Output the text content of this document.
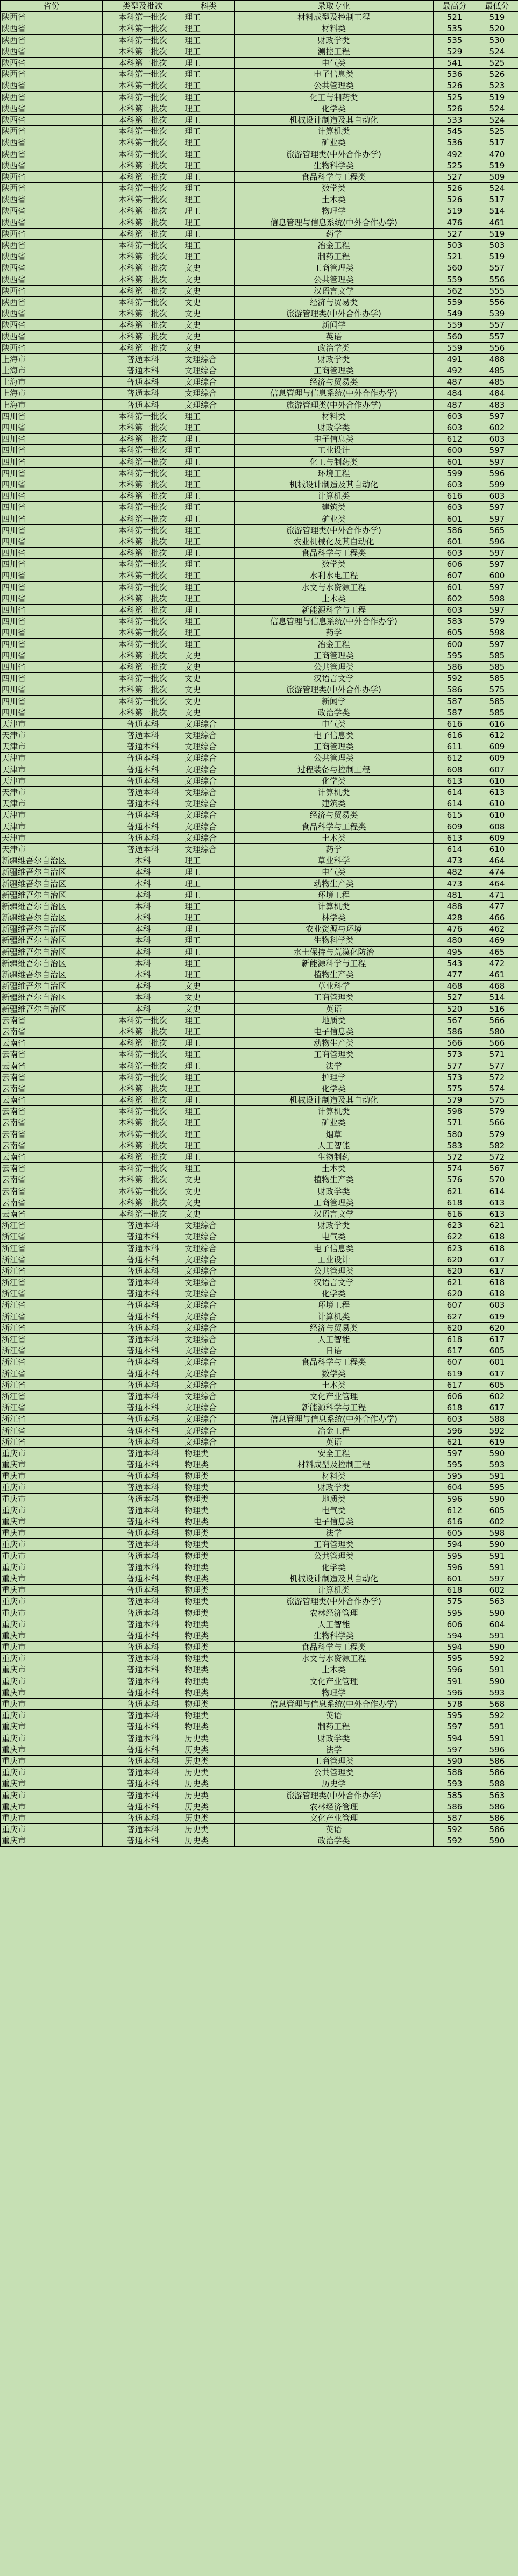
省份	类型及批次	科类	录取专业	最高分	最低分
陕西省	本科第一批次	理工	材料成型及控制工程	521	519
陕西省	本科第一批次	理工	材料类	535	520
陕西省	本科第一批次	理工	财政学类	535	530
陕西省	本科第一批次	理工	测控工程	529	524
陕西省	本科第一批次	理工	电气类	541	525
陕西省	本科第一批次	理工	电子信息类	536	526
陕西省	本科第一批次	理工	公共管理类	526	523
陕西省	本科第一批次	理工	化工与制药类	525	519
陕西省	本科第一批次	理工	化学类	526	524
陕西省	本科第一批次	理工	机械设计制造及其自动化	533	524
陕西省	本科第一批次	理工	计算机类	545	525
陕西省	本科第一批次	理工	矿业类	536	517
陕西省	本科第一批次	理工	旅游管理类(中外合作办学)	492	470
陕西省	本科第一批次	理工	生物科学类	525	519
陕西省	本科第一批次	理工	食品科学与工程类	527	509
陕西省	本科第一批次	理工	数学类	526	524
陕西省	本科第一批次	理工	土木类	526	517
陕西省	本科第一批次	理工	物理学	519	514
陕西省	本科第一批次	理工	信息管理与信息系统(中外合作办学)	476	461
陕西省	本科第一批次	理工	药学	527	519
陕西省	本科第一批次	理工	冶金工程	503	503
陕西省	本科第一批次	理工	制药工程	521	519
陕西省	本科第一批次	文史	工商管理类	560	557
陕西省	本科第一批次	文史	公共管理类	559	556
陕西省	本科第一批次	文史	汉语言文学	562	555
陕西省	本科第一批次	文史	经济与贸易类	559	556
陕西省	本科第一批次	文史	旅游管理类(中外合作办学)	549	539
陕西省	本科第一批次	文史	新闻学	559	557
陕西省	本科第一批次	文史	英语	560	557
陕西省	本科第一批次	文史	政治学类	559	556
上海市	普通本科	文理综合	财政学类	491	488
上海市	普通本科	文理综合	工商管理类	492	485
上海市	普通本科	文理综合	经济与贸易类	487	485
上海市	普通本科	文理综合	信息管理与信息系统(中外合作办学)	484	484
上海市	普通本科	文理综合	旅游管理类(中外合作办学)	487	483
四川省	本科第一批次	理工	材料类	603	597
四川省	本科第一批次	理工	财政学类	603	602
四川省	本科第一批次	理工	电子信息类	612	603
四川省	本科第一批次	理工	工业设计	600	597
四川省	本科第一批次	理工	化工与制药类	601	597
四川省	本科第一批次	理工	环境工程	599	596
四川省	本科第一批次	理工	机械设计制造及其自动化	603	599
四川省	本科第一批次	理工	计算机类	616	603
四川省	本科第一批次	理工	建筑类	603	597
四川省	本科第一批次	理工	矿业类	601	597
四川省	本科第一批次	理工	旅游管理类(中外合作办学)	586	565
四川省	本科第一批次	理工	农业机械化及其自动化	601	596
四川省	本科第一批次	理工	食品科学与工程类	603	597
四川省	本科第一批次	理工	数学类	606	597
四川省	本科第一批次	理工	水利水电工程	607	600
四川省	本科第一批次	理工	水文与水资源工程	601	597
四川省	本科第一批次	理工	土木类	602	598
四川省	本科第一批次	理工	新能源科学与工程	603	597
四川省	本科第一批次	理工	信息管理与信息系统(中外合作办学)	583	579
四川省	本科第一批次	理工	药学	605	598
四川省	本科第一批次	理工	冶金工程	600	597
四川省	本科第一批次	文史	工商管理类	595	585
四川省	本科第一批次	文史	公共管理类	586	585
四川省	本科第一批次	文史	汉语言文学	592	585
四川省	本科第一批次	文史	旅游管理类(中外合作办学)	586	575
四川省	本科第一批次	文史	新闻学	587	585
四川省	本科第一批次	文史	政治学类	587	585
天津市	普通本科	文理综合	电气类	616	616
天津市	普通本科	文理综合	电子信息类	616	612
天津市	普通本科	文理综合	工商管理类	611	609
天津市	普通本科	文理综合	公共管理类	612	609
天津市	普通本科	文理综合	过程装备与控制工程	608	607
天津市	普通本科	文理综合	化学类	613	610
天津市	普通本科	文理综合	计算机类	614	613
天津市	普通本科	文理综合	建筑类	614	610
天津市	普通本科	文理综合	经济与贸易类	615	610
天津市	普通本科	文理综合	食品科学与工程类	609	608
天津市	普通本科	文理综合	土木类	613	609
天津市	普通本科	文理综合	药学	614	610
新疆维吾尔自治区	本科	理工	草业科学	473	464
新疆维吾尔自治区	本科	理工	电气类	482	474
新疆维吾尔自治区	本科	理工	动物生产类	473	464
新疆维吾尔自治区	本科	理工	环境工程	481	471
新疆维吾尔自治区	本科	理工	计算机类	488	477
新疆维吾尔自治区	本科	理工	林学类	428	466
新疆维吾尔自治区	本科	理工	农业资源与环境	476	462
新疆维吾尔自治区	本科	理工	生物科学类	480	469
新疆维吾尔自治区	本科	理工	水土保持与荒漠化防治	495	465
新疆维吾尔自治区	本科	理工	新能源科学与工程	543	472
新疆维吾尔自治区	本科	理工	植物生产类	477	461
新疆维吾尔自治区	本科	文史	草业科学	468	468
新疆维吾尔自治区	本科	文史	工商管理类	527	514
新疆维吾尔自治区	本科	文史	英语	520	516
云南省	本科第一批次	理工	地质类	567	566
云南省	本科第一批次	理工	电子信息类	586	580
云南省	本科第一批次	理工	动物生产类	566	566
云南省	本科第一批次	理工	工商管理类	573	571
云南省	本科第一批次	理工	法学	577	577
云南省	本科第一批次	理工	护理学	573	572
云南省	本科第一批次	理工	化学类	575	574
云南省	本科第一批次	理工	机械设计制造及其自动化	579	575
云南省	本科第一批次	理工	计算机类	598	579
云南省	本科第一批次	理工	矿业类	571	566
云南省	本科第一批次	理工	烟草	580	579
云南省	本科第一批次	理工	人工智能	583	582
云南省	本科第一批次	理工	生物制药	572	572
云南省	本科第一批次	理工	土木类	574	567
云南省	本科第一批次	文史	植物生产类	576	570
云南省	本科第一批次	文史	财政学类	621	614
云南省	本科第一批次	文史	工商管理类	618	613
云南省	本科第一批次	文史	汉语言文学	616	613
浙江省	普通本科	文理综合	财政学类	623	621
浙江省	普通本科	文理综合	电气类	622	618
浙江省	普通本科	文理综合	电子信息类	623	618
浙江省	普通本科	文理综合	工业设计	620	617
浙江省	普通本科	文理综合	公共管理类	620	617
浙江省	普通本科	文理综合	汉语言文学	621	618
浙江省	普通本科	文理综合	化学类	620	618
浙江省	普通本科	文理综合	环境工程	607	603
浙江省	普通本科	文理综合	计算机类	627	619
浙江省	普通本科	文理综合	经济与贸易类	620	620
浙江省	普通本科	文理综合	人工智能	618	617
浙江省	普通本科	文理综合	日语	617	605
浙江省	普通本科	文理综合	食品科学与工程类	607	601
浙江省	普通本科	文理综合	数学类	619	617
浙江省	普通本科	文理综合	土木类	617	605
浙江省	普通本科	文理综合	文化产业管理	606	602
浙江省	普通本科	文理综合	新能源科学与工程	618	617
浙江省	普通本科	文理综合	信息管理与信息系统(中外合作办学)	603	588
浙江省	普通本科	文理综合	冶金工程	596	592
浙江省	普通本科	文理综合	英语	621	619
重庆市	普通本科	物理类	安全工程	597	590
重庆市	普通本科	物理类	材料成型及控制工程	595	593
重庆市	普通本科	物理类	材料类	595	591
重庆市	普通本科	物理类	财政学类	604	595
重庆市	普通本科	物理类	地质类	596	590
重庆市	普通本科	物理类	电气类	612	605
重庆市	普通本科	物理类	电子信息类	616	602
重庆市	普通本科	物理类	法学	605	598
重庆市	普通本科	物理类	工商管理类	594	590
重庆市	普通本科	物理类	公共管理类	595	591
重庆市	普通本科	物理类	化学类	596	591
重庆市	普通本科	物理类	机械设计制造及其自动化	601	597
重庆市	普通本科	物理类	计算机类	618	602
重庆市	普通本科	物理类	旅游管理类(中外合作办学)	575	563
重庆市	普通本科	物理类	农林经济管理	595	590
重庆市	普通本科	物理类	人工智能	606	604
重庆市	普通本科	物理类	生物科学类	594	591
重庆市	普通本科	物理类	食品科学与工程类	594	590
重庆市	普通本科	物理类	水文与水资源工程	595	592
重庆市	普通本科	物理类	土木类	596	591
重庆市	普通本科	物理类	文化产业管理	591	590
重庆市	普通本科	物理类	物理学	596	593
重庆市	普通本科	物理类	信息管理与信息系统(中外合作办学)	578	568
重庆市	普通本科	物理类	英语	595	592
重庆市	普通本科	物理类	制药工程	597	591
重庆市	普通本科	历史类	财政学类	594	591
重庆市	普通本科	历史类	法学	597	596
重庆市	普通本科	历史类	工商管理类	590	586
重庆市	普通本科	历史类	公共管理类	588	586
重庆市	普通本科	历史类	历史学	593	588
重庆市	普通本科	历史类	旅游管理类(中外合作办学)	585	563
重庆市	普通本科	历史类	农林经济管理	586	586
重庆市	普通本科	历史类	文化产业管理	587	586
重庆市	普通本科	历史类	英语	592	586
重庆市	普通本科	历史类	政治学类	592	590
